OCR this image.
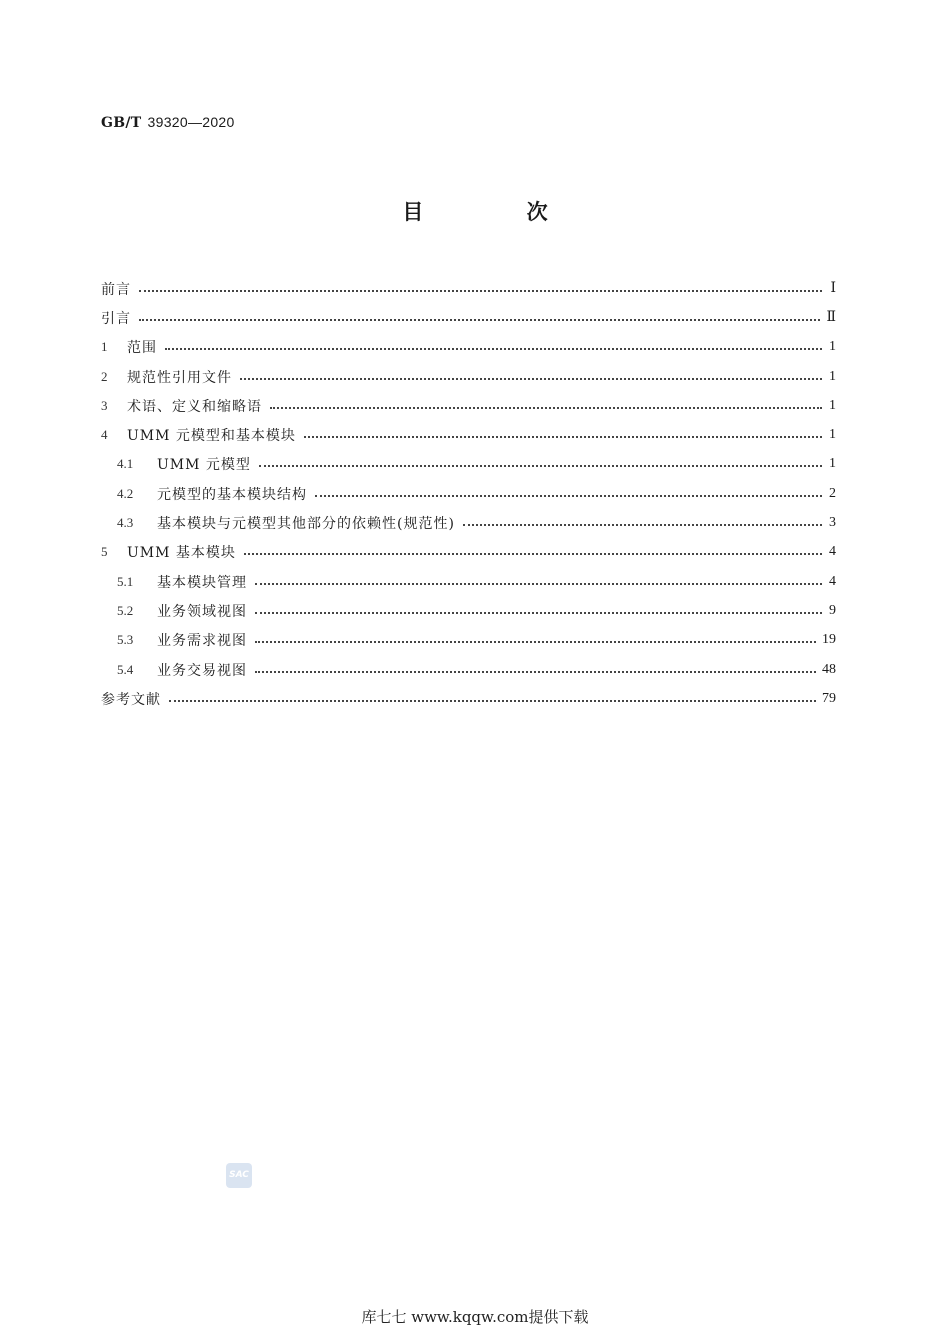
GB/T 39320—2020
目 次
前言	Ⅰ
引言	Ⅱ
1	范围	1
2	规范性引用文件	1
3	术语、定义和缩略语	1
4	UMM 元模型和基本模块	1
4.1	UMM 元模型	1
4.2	元模型的基本模块结构	2
4.3	基本模块与元模型其他部分的依赖性(规范性)	3
5	UMM 基本模块	4
5.1	基本模块管理	4
5.2	业务领域视图	9
5.3	业务需求视图	19
5.4	业务交易视图	48
参考文献	79
SAC
库七七 www.kqqw.com提供下载
